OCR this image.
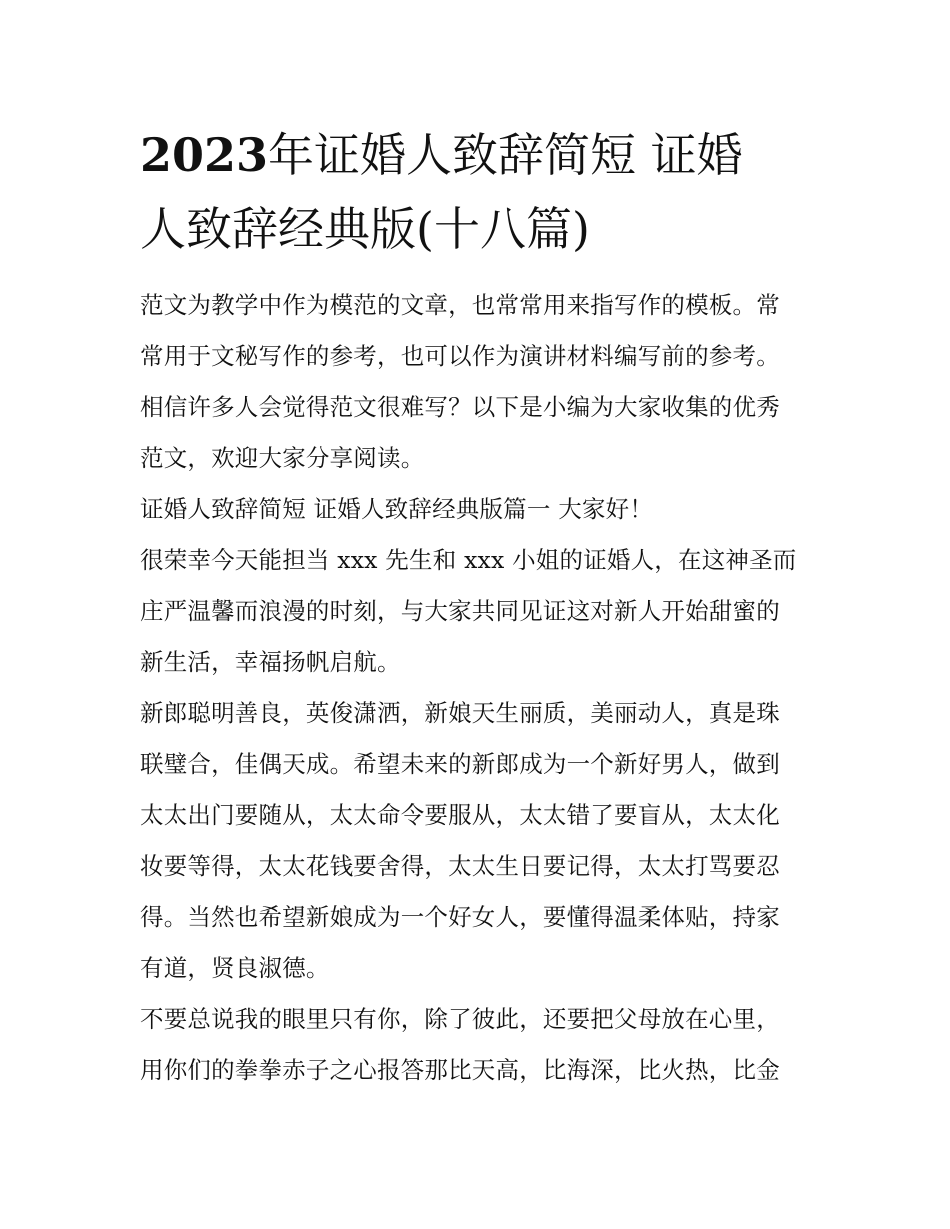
2023年证婚人致辞简短 证婚
人致辞经典版(十八篇)
范文为教学中作为模范的文章，也常常用来指写作的模板。常
常用于文秘写作的参考，也可以作为演讲材料编写前的参考。
相信许多人会觉得范文很难写？以下是小编为大家收集的优秀
范文，欢迎大家分享阅读。
证婚人致辞简短 证婚人致辞经典版篇一 大家好！
很荣幸今天能担当 xxx 先生和 xxx 小姐的证婚人，在这神圣而
庄严温馨而浪漫的时刻，与大家共同见证这对新人开始甜蜜的
新生活，幸福扬帆启航。
新郎聪明善良，英俊潇洒，新娘天生丽质，美丽动人，真是珠
联璧合，佳偶天成。希望未来的新郎成为一个新好男人，做到
太太出门要随从，太太命令要服从，太太错了要盲从，太太化
妆要等得，太太花钱要舍得，太太生日要记得，太太打骂要忍
得。当然也希望新娘成为一个好女人，要懂得温柔体贴，持家
有道，贤良淑德。
不要总说我的眼里只有你，除了彼此，还要把父母放在心里，
用你们的拳拳赤子之心报答那比天高，比海深，比火热，比金
